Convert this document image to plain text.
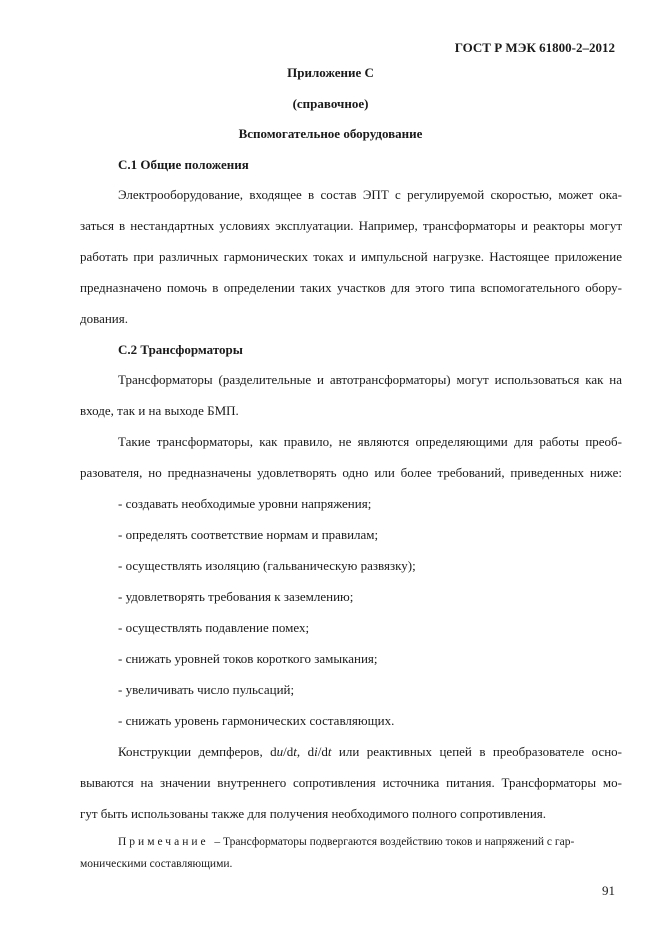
ГОСТ Р МЭК 61800-2–2012
Приложение С
(справочное)
Вспомогательное оборудование
С.1 Общие положения
Электрооборудование, входящее в состав ЭПТ с регулируемой скоростью, может ока-
заться в нестандартных условиях эксплуатации. Например, трансформаторы и реакторы могут
работать при различных гармонических токах и импульсной нагрузке. Настоящее приложение
предназначено помочь в определении таких участков для этого типа вспомогательного обору-
дования.
С.2 Трансформаторы
Трансформаторы (разделительные и автотрансформаторы) могут использоваться как на
входе, так и на выходе БМП.
Такие трансформаторы, как правило, не являются определяющими для работы преоб-
разователя, но предназначены удовлетворять одно или более требований, приведенных ниже:
- создавать необходимые уровни напряжения;
- определять соответствие нормам и правилам;
- осуществлять изоляцию (гальваническую развязку);
- удовлетворять требования к заземлению;
- осуществлять подавление помех;
- снижать уровней токов короткого замыкания;
- увеличивать число пульсаций;
- снижать уровень гармонических составляющих.
Конструкции демпферов, du/dt, di/dt или реактивных цепей в преобразователе осно-
вываются на значении внутреннего сопротивления источника питания. Трансформаторы мо-
гут быть использованы также для получения необходимого полного сопротивления.
Примечание – Трансформаторы подвергаются воздействию токов и напряжений с гар-
моническими составляющими.
91
